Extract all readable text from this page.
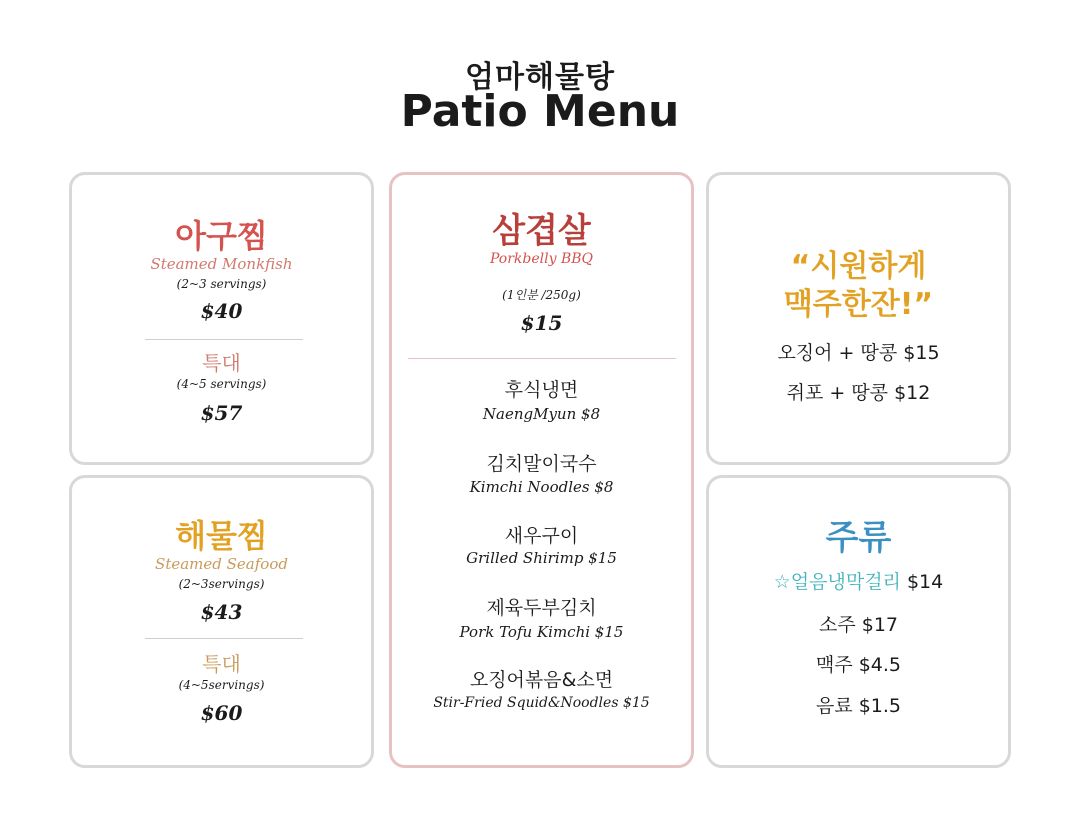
엄마해물탕
Patio Menu
아구찜
Steamed Monkfish
(2~3 servings)
$40
특대
(4~5 servings)
$57
해물찜
Steamed Seafood
(2~3servings)
$43
특대
(4~5servings)
$60
삼겹살
Porkbelly BBQ
(1인분 /250g)
$15
후식냉면
NaengMyun $8
김치말이국수
Kimchi Noodles $8
새우구이
Grilled Shirimp $15
제육두부김치
Pork Tofu Kimchi $15
오징어볶음&소면
Stir-Fried Squid&Noodles $15
“시원하게
맥주한잔!”
오징어 + 땅콩 $15
쥐포 + 땅콩 $12
주류
☆얼음냉막걸리 $14
소주 $17
맥주 $4.5
음료 $1.5
